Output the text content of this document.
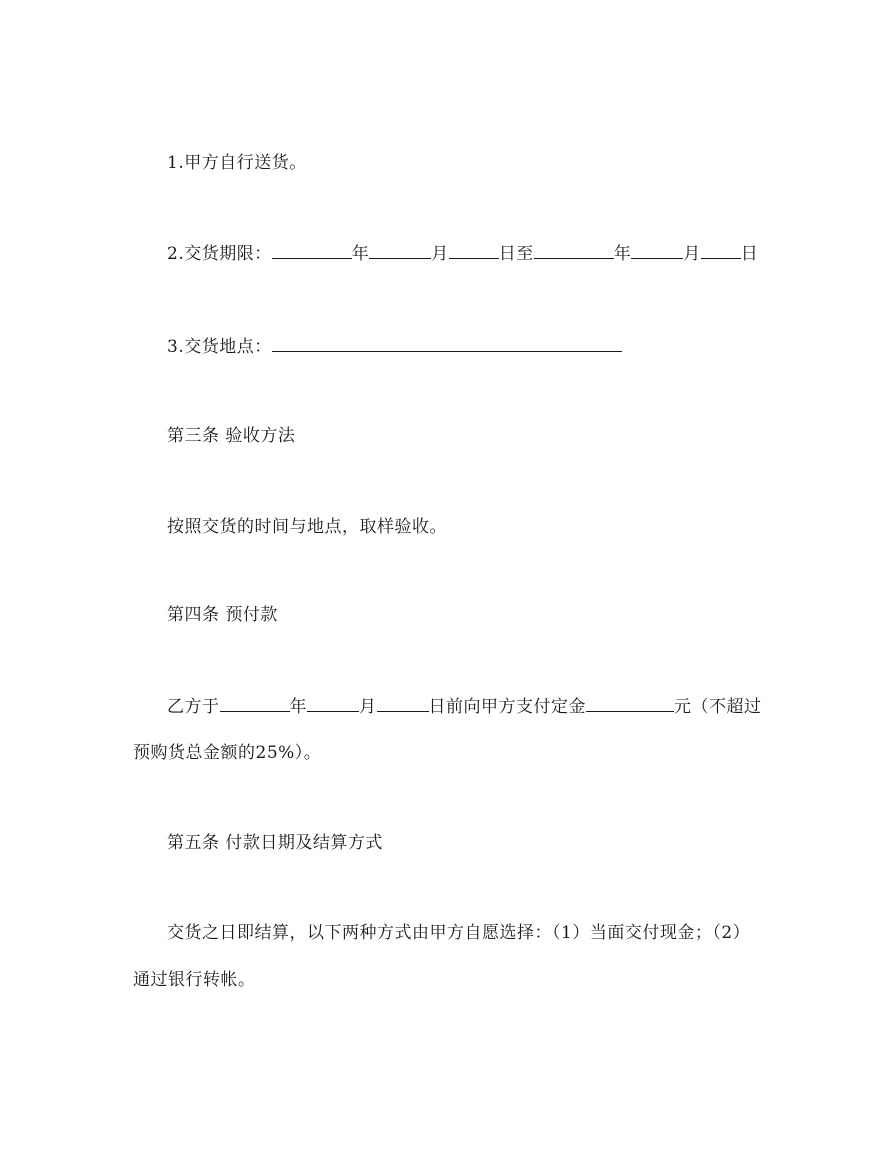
1.甲方自行送货。
2.交货期限：	年	月	日至	年	月 日
3.交货地点：
第三条 验收方法
按照交货的时间与地点，取样验收。
第四条 预付款
乙方于	年	月	日前向甲方支付定金	元（不超过
预购货总金额的25%）。
第五条 付款日期及结算方式
交货之日即结算，以下两种方式由甲方自愿选择：（1）当面交付现金；（2）
通过银行转帐。
